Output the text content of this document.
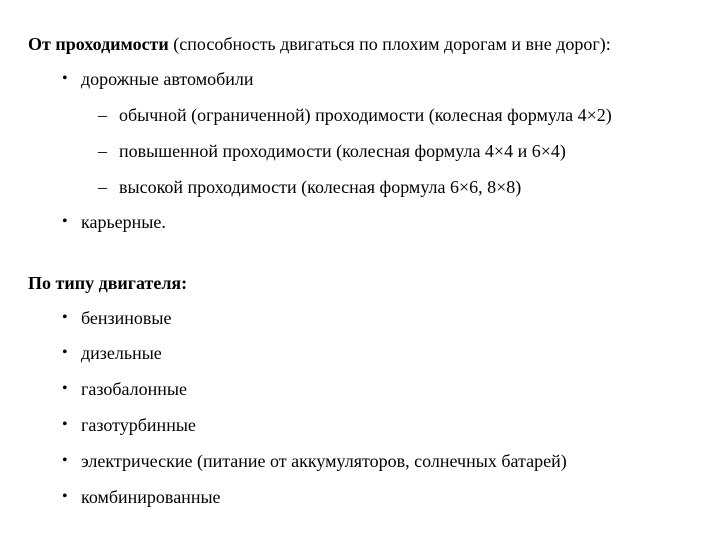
От проходимости (способность двигаться по плохим дорогам и вне дорог):
• дорожные автомобили
– обычной (ограниченной) проходимости (колесная формула 4×2)
– повышенной проходимости (колесная формула 4×4 и 6×4)
– высокой проходимости (колесная формула 6×6, 8×8)
• карьерные.
По типу двигателя:
• бензиновые
• дизельные
• газобалонные
• газотурбинные
• электрические (питание от аккумуляторов, солнечных батарей)
• комбинированные
